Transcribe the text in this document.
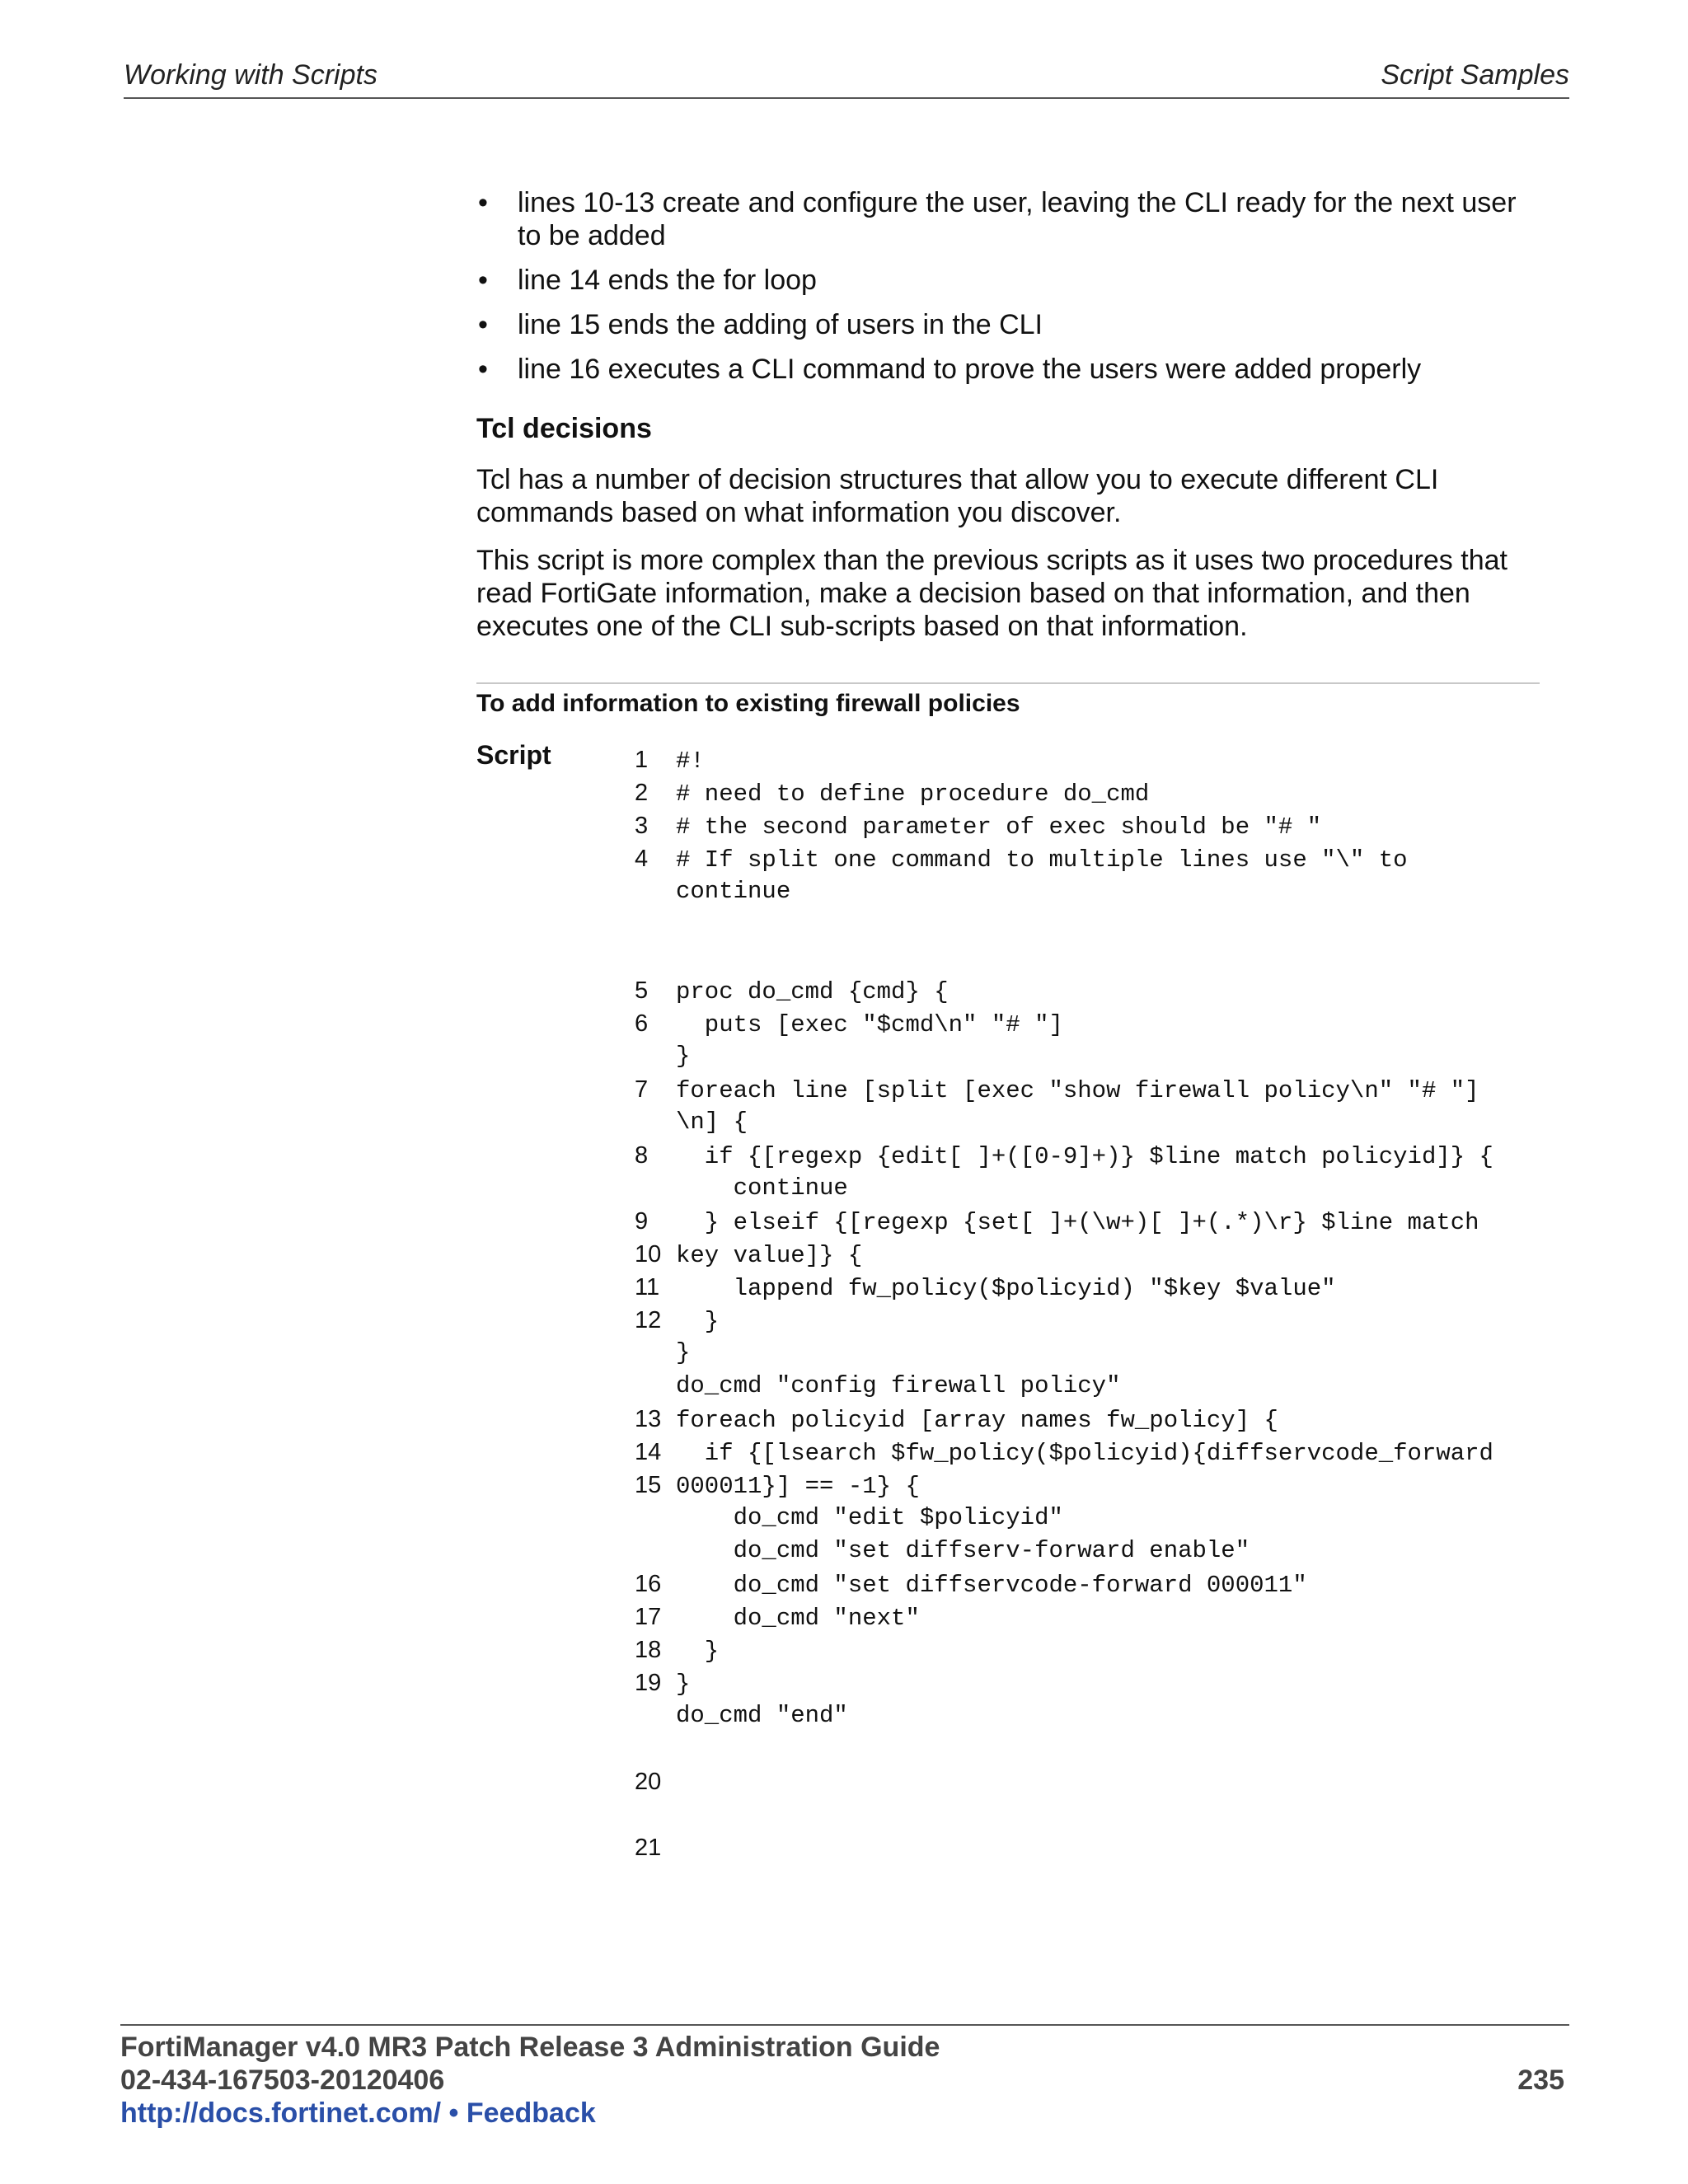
Working with Scripts	Script Samples
• lines 10-13 create and configure the user, leaving the CLI ready for the next user to be added
• line 14 ends the for loop
• line 15 ends the adding of users in the CLI
• line 16 executes a CLI command to prove the users were added properly
Tcl decisions

Tcl has a number of decision structures that allow you to execute different CLI commands based on what information you discover.

This script is more complex than the previous scripts as it uses two procedures that read FortiGate information, make a decision based on that information, and then executes one of the CLI sub-scripts based on that information.

To add information to existing firewall policies
Script	1 #!
2 # need to define procedure do_cmd
3 # the second parameter of exec should be "# "
4 # If split one command to multiple lines use "\" to
continue
5 proc do_cmd {cmd} {
6  puts [exec "$cmd\n" "# "]
}
7 foreach line [split [exec "show firewall policy\n" "# "]
\n] {
8  if {[regexp {edit[ ]+([0-9]+)} $line match policyid]} {
continue
9  } elseif {[regexp {set[ ]+(\w+)[ ]+(.*)\r} $line match
10 key value]} {
11    lappend fw_policy($policyid) "$key $value"
12  }
}
do_cmd "config firewall policy"
13 foreach policyid [array names fw_policy] {
14  if {[lsearch $fw_policy($policyid){diffservcode_forward
15 000011}] == -1} {
do_cmd "edit $policyid"
do_cmd "set diffserv-forward enable"
16    do_cmd "set diffservcode-forward 000011"
17    do_cmd "next"
18  }
19 }
do_cmd "end"
20
21
FortiManager v4.0 MR3 Patch Release 3 Administration Guide
02-434-167503-20120406	235
http://docs.fortinet.com/ • Feedback
